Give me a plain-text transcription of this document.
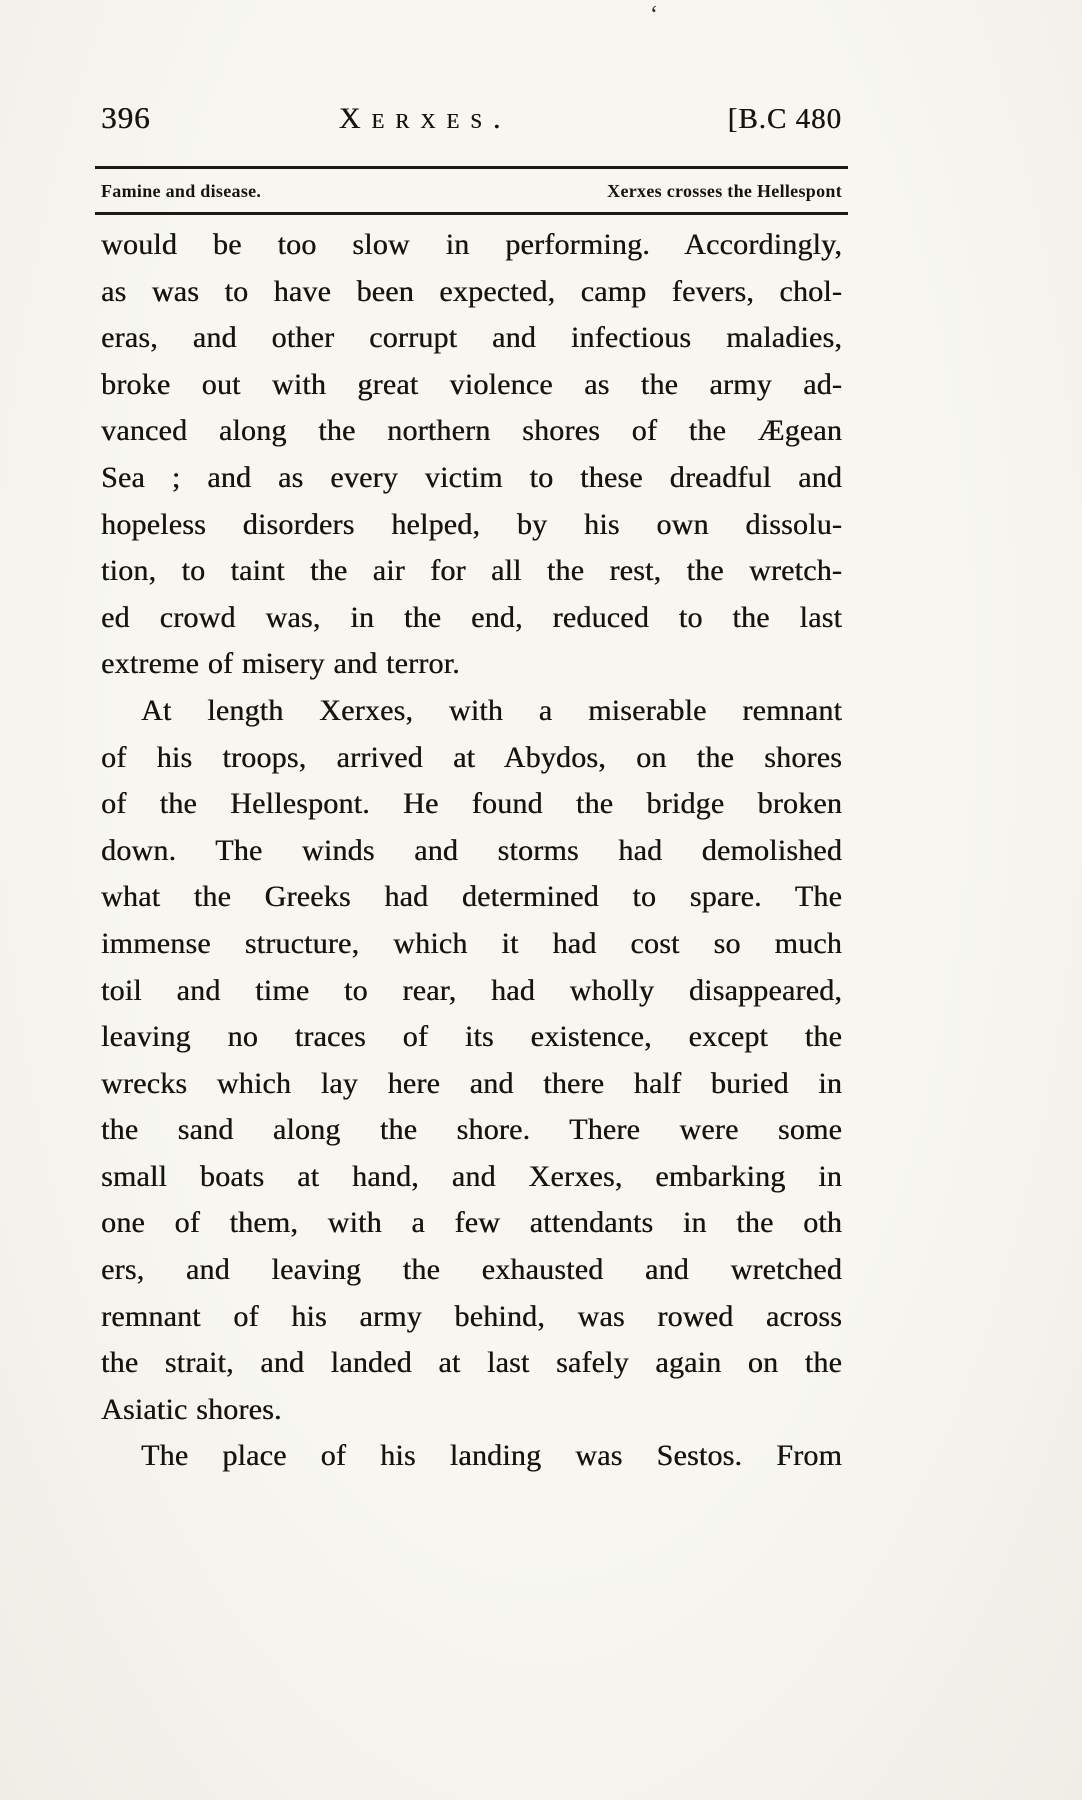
ʻ
396	Xerxes.	[B.C 480
Famine and disease.	Xerxes crosses the Hellespont
would be too slow in performing. Accordingly,
as was to have been expected, camp fevers, chol-
eras, and other corrupt and infectious maladies,
broke out with great violence as the army ad-
vanced along the northern shores of the Ægean
Sea ; and as every victim to these dreadful and
hopeless disorders helped, by his own dissolu-
tion, to taint the air for all the rest, the wretch-
ed crowd was, in the end, reduced to the last
extreme of misery and terror.
At length Xerxes, with a miserable remnant
of his troops, arrived at Abydos, on the shores
of the Hellespont. He found the bridge broken
down. The winds and storms had demolished
what the Greeks had determined to spare. The
immense structure, which it had cost so much
toil and time to rear, had wholly disappeared,
leaving no traces of its existence, except the
wrecks which lay here and there half buried in
the sand along the shore. There were some
small boats at hand, and Xerxes, embarking in
one of them, with a few attendants in the oth
ers, and leaving the exhausted and wretched
remnant of his army behind, was rowed across
the strait, and landed at last safely again on the
Asiatic shores.
The place of his landing was Sestos. From
